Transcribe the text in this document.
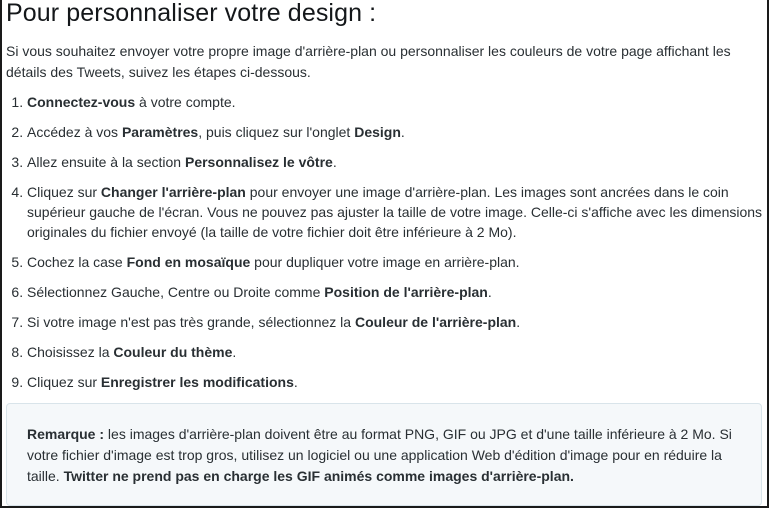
Pour personnaliser votre design :

Si vous souhaitez envoyer votre propre image d'arrière-plan ou personnaliser les couleurs de votre page affichant les détails des Tweets, suivez les étapes ci-dessous.

1. Connectez-vous à votre compte.
2. Accédez à vos Paramètres, puis cliquez sur l'onglet Design.
3. Allez ensuite à la section Personnalisez le vôtre.
4. Cliquez sur Changer l'arrière-plan pour envoyer une image d'arrière-plan. Les images sont ancrées dans le coin supérieur gauche de l'écran. Vous ne pouvez pas ajuster la taille de votre image. Celle-ci s'affiche avec les dimensions originales du fichier envoyé (la taille de votre fichier doit être inférieure à 2 Mo).
5. Cochez la case Fond en mosaïque pour dupliquer votre image en arrière-plan.
6. Sélectionnez Gauche, Centre ou Droite comme Position de l'arrière-plan.
7. Si votre image n'est pas très grande, sélectionnez la Couleur de l'arrière-plan.
8. Choisissez la Couleur du thème.
9. Cliquez sur Enregistrer les modifications.
Remarque : les images d'arrière-plan doivent être au format PNG, GIF ou JPG et d'une taille inférieure à 2 Mo. Si votre fichier d'image est trop gros, utilisez un logiciel ou une application Web d'édition d'image pour en réduire la taille. Twitter ne prend pas en charge les GIF animés comme images d'arrière-plan.
